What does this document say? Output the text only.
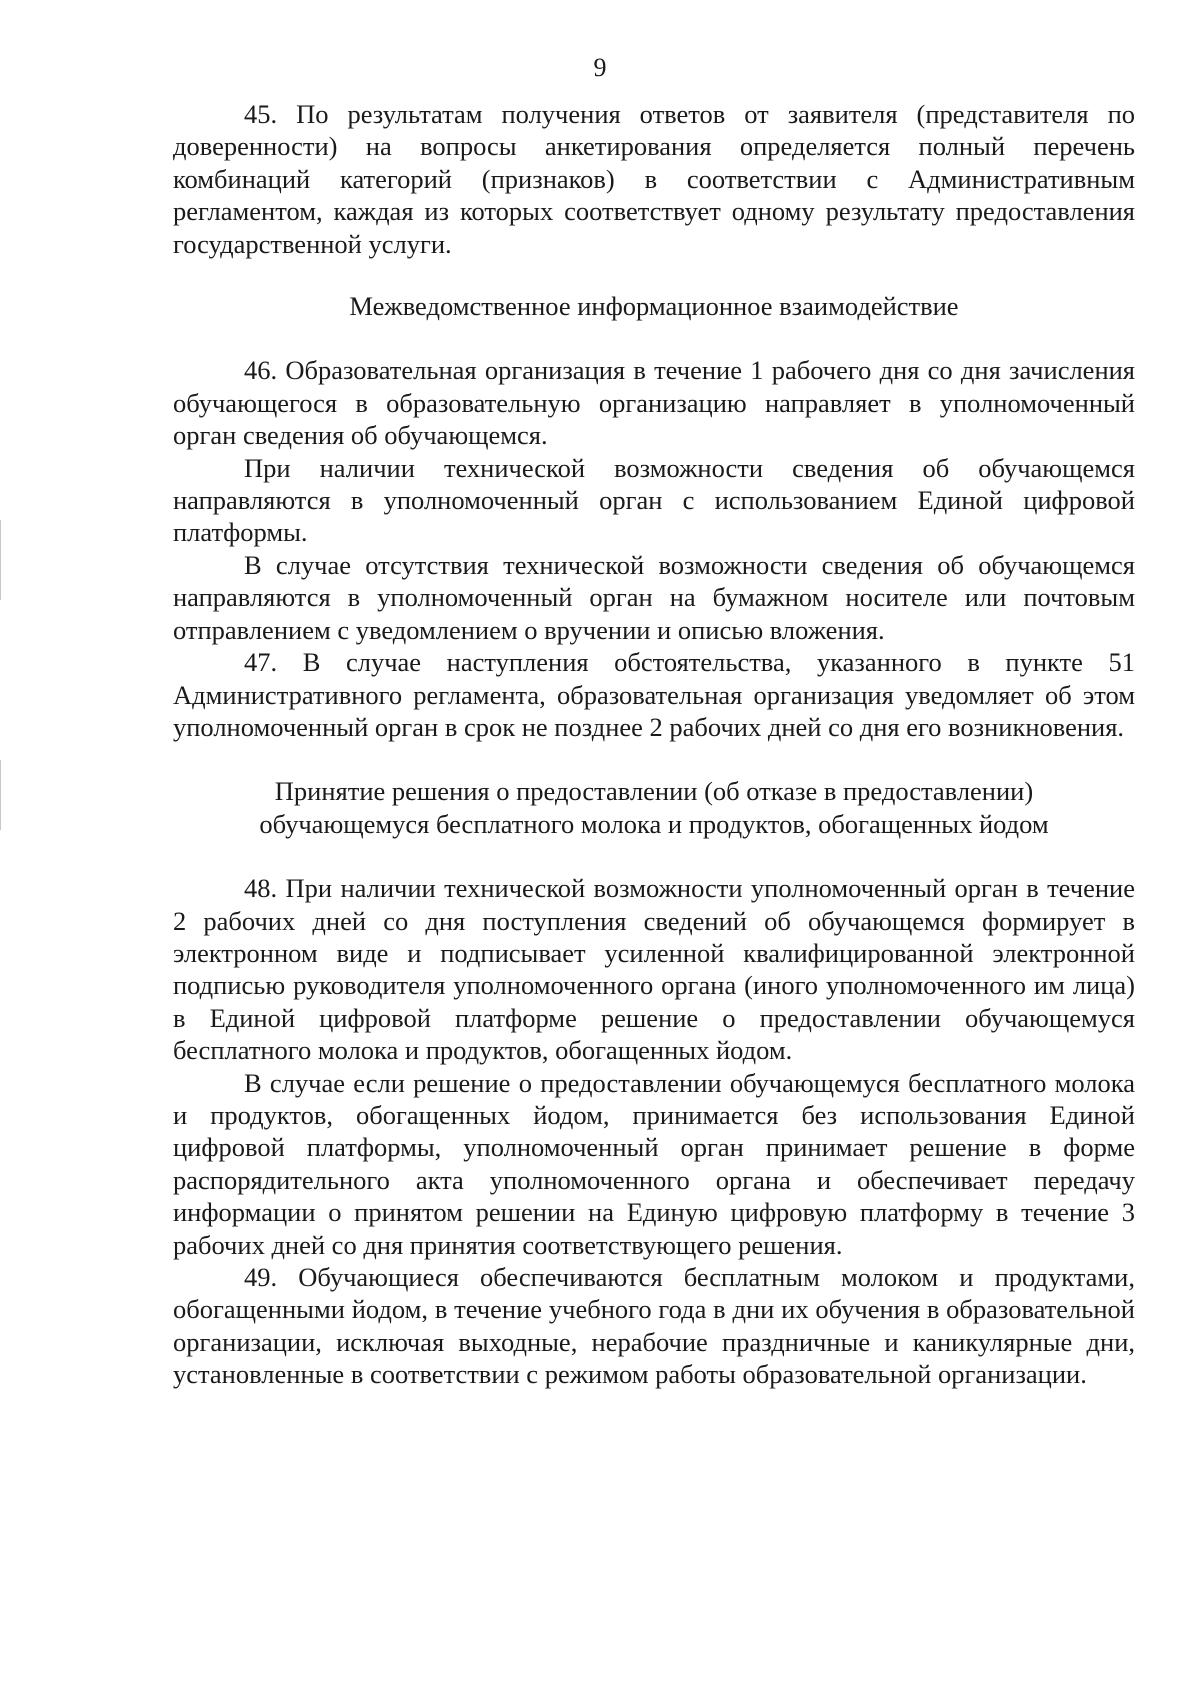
9

45. По результатам получения ответов от заявителя (представителя по доверенности) на вопросы анкетирования определяется полный перечень комбинаций категорий (признаков) в соответствии с Административным регламентом, каждая из которых соответствует одному результату предоставления государственной услуги.

Межведомственное информационное взаимодействие

46. Образовательная организация в течение 1 рабочего дня со дня зачисления обучающегося в образовательную организацию направляет в уполномоченный орган сведения об обучающемся.

При наличии технической возможности сведения об обучающемся направляются в уполномоченный орган с использованием Единой цифровой платформы.

В случае отсутствия технической возможности сведения об обучающемся направляются в уполномоченный орган на бумажном носителе или почтовым отправлением с уведомлением о вручении и описью вложения.

47. В случае наступления обстоятельства, указанного в пункте 51 Административного регламента, образовательная организация уведомляет об этом уполномоченный орган в срок не позднее 2 рабочих дней со дня его возникновения.

Принятие решения о предоставлении (об отказе в предоставлении)
обучающемуся бесплатного молока и продуктов, обогащенных йодом

48. При наличии технической возможности уполномоченный орган в течение 2 рабочих дней со дня поступления сведений об обучающемся формирует в электронном виде и подписывает усиленной квалифицированной электронной подписью руководителя уполномоченного органа (иного уполномоченного им лица) в Единой цифровой платформе решение о предоставлении обучающемуся бесплатного молока и продуктов, обогащенных йодом.

В случае если решение о предоставлении обучающемуся бесплатного молока и продуктов, обогащенных йодом, принимается без использования Единой цифровой платформы, уполномоченный орган принимает решение в форме распорядительного акта уполномоченного органа и обеспечивает передачу информации о принятом решении на Единую цифровую платформу в течение 3 рабочих дней со дня принятия соответствующего решения.

49. Обучающиеся обеспечиваются бесплатным молоком и продуктами, обогащенными йодом, в течение учебного года в дни их обучения в образовательной организации, исключая выходные, нерабочие праздничные и каникулярные дни, установленные в соответствии с режимом работы образовательной организации.
